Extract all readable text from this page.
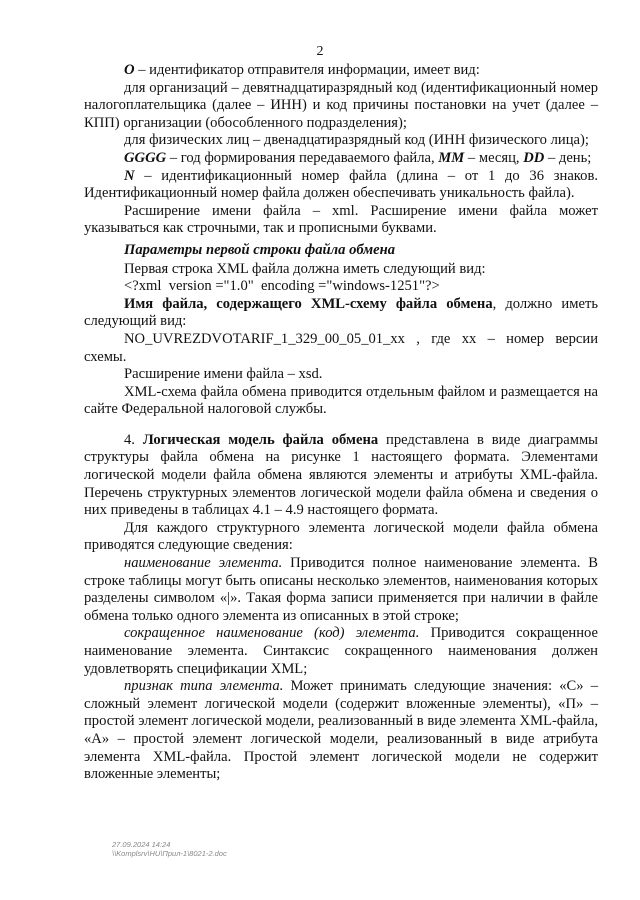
2

O – идентификатор отправителя информации, имеет вид:

для организаций – девятнадцатиразрядный код (идентификационный номер налогоплательщика (далее – ИНН) и код причины постановки на учет (далее – КПП) организации (обособленного подразделения);

для физических лиц – двенадцатиразрядный код (ИНН физического лица);

GGGG – год формирования передаваемого файла, MM – месяц, DD – день;

N – идентификационный номер файла (длина – от 1 до 36 знаков. Идентификационный номер файла должен обеспечивать уникальность файла).

Расширение имени файла – xml. Расширение имени файла может указываться как строчными, так и прописными буквами.

Параметры первой строки файла обмена

Первая строка XML файла должна иметь следующий вид:

<?xml  version ="1.0"  encoding ="windows-1251"?>

Имя файла, содержащего XML-схему файла обмена, должно иметь следующий вид:

NO_UVREZDVOTARIF_1_329_00_05_01_xx , где xx – номер версии схемы.

Расширение имени файла – xsd.

XML-схема файла обмена приводится отдельным файлом и размещается на сайте Федеральной налоговой службы.

4. Логическая модель файла обмена представлена в виде диаграммы структуры файла обмена на рисунке 1 настоящего формата. Элементами логической модели файла обмена являются элементы и атрибуты XML-файла. Перечень структурных элементов логической модели файла обмена и сведения о них приведены в таблицах 4.1 – 4.9 настоящего формата.

Для каждого структурного элемента логической модели файла обмена приводятся следующие сведения:

наименование элемента. Приводится полное наименование элемента. В строке таблицы могут быть описаны несколько элементов, наименования которых разделены символом «|». Такая форма записи применяется при наличии в файле обмена только одного элемента из описанных в этой строке;

сокращенное наименование (код) элемента. Приводится сокращенное наименование элемента. Синтаксис сокращенного наименования должен удовлетворять спецификации XML;

признак типа элемента. Может принимать следующие значения: «С» – сложный элемент логической модели (содержит вложенные элементы), «П» – простой элемент логической модели, реализованный в виде элемента XML-файла, «А» – простой элемент логической модели, реализованный в виде атрибута элемента XML-файла. Простой элемент логической модели не содержит вложенные элементы;

27.09.2024 14:24
\\Komplsrv\HU\Прил-1\8021-2.doc
